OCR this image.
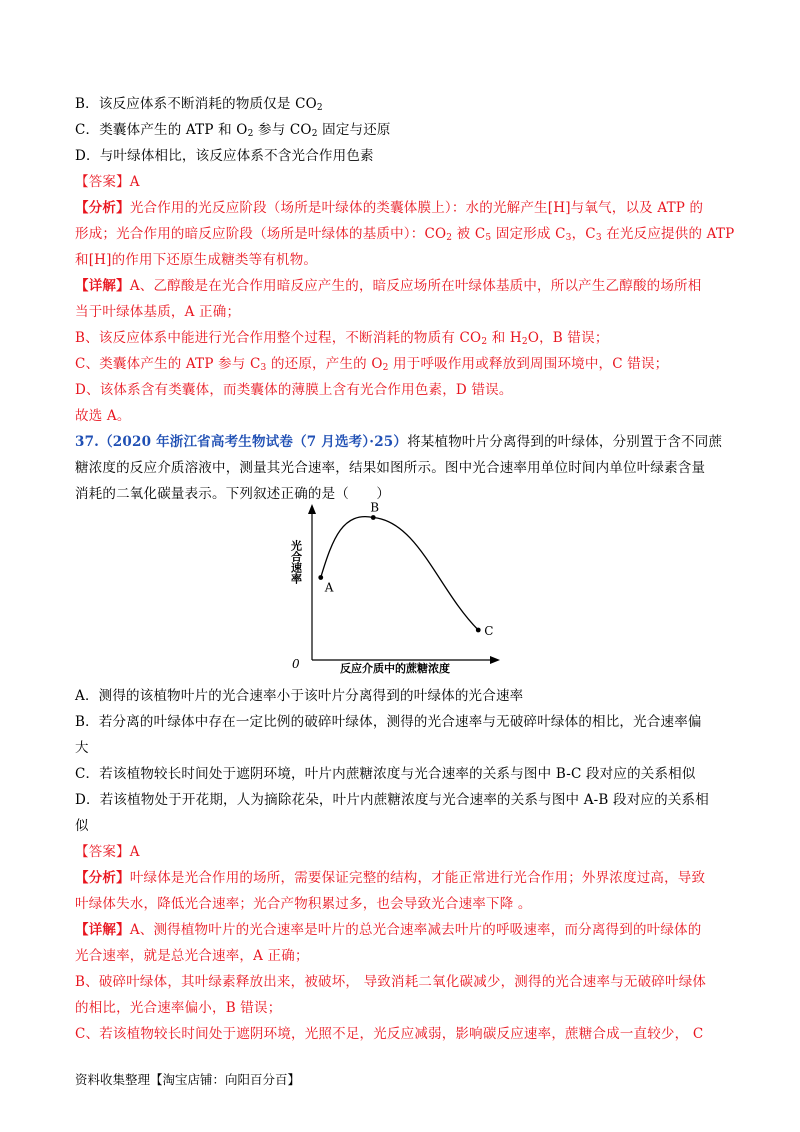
B．该反应体系不断消耗的物质仅是 $CO_2$
C．类囊体产生的 ATP 和 $O_2$ 参与 $CO_2$ 固定与还原
D．与叶绿体相比，该反应体系不含光合作用色素
【答案】A
【分析】光合作用的光反应阶段（场所是叶绿体的类囊体膜上）：水的光解产生[H]与氧气，以及 ATP 的
形成；光合作用的暗反应阶段（场所是叶绿体的基质中）：$CO_2$ 被 $C_5$ 固定形成 $C_3$，$C_3$ 在光反应提供的 ATP
和[H]的作用下还原生成糖类等有机物。
【详解】A、乙醇酸是在光合作用暗反应产生的，暗反应场所在叶绿体基质中，所以产生乙醇酸的场所相
当于叶绿体基质，A 正确；
B、该反应体系中能进行光合作用整个过程，不断消耗的物质有 $CO_2$ 和 $H_2O$，B 错误；
C、类囊体产生的 ATP 参与 $C_3$ 的还原，产生的 $O_2$ 用于呼吸作用或释放到周围环境中，C 错误；
D、该体系含有类囊体，而类囊体的薄膜上含有光合作用色素，D 错误。
故选 A。
37.（2020 年浙江省高考生物试卷（7 月选考）·25）将某植物叶片分离得到的叶绿体，分别置于含不同蔗
糖浓度的反应介质溶液中，测量其光合速率，结果如图所示。图中光合速率用单位时间内单位叶绿素含量
消耗的二氧化碳量表示。下列叙述正确的是（　　）
0
光合速率
反应介质中的蔗糖浓度
A
B
C
A．测得的该植物叶片的光合速率小于该叶片分离得到的叶绿体的光合速率
B．若分离的叶绿体中存在一定比例的破碎叶绿体，测得的光合速率与无破碎叶绿体的相比，光合速率偏
大
C．若该植物较长时间处于遮阴环境，叶片内蔗糖浓度与光合速率的关系与图中 B-C 段对应的关系相似
D．若该植物处于开花期，人为摘除花朵，叶片内蔗糖浓度与光合速率的关系与图中 A-B 段对应的关系相
似
【答案】A
【分析】叶绿体是光合作用的场所，需要保证完整的结构，才能正常进行光合作用；外界浓度过高，导致
叶绿体失水，降低光合速率；光合产物积累过多，也会导致光合速率下降 。
【详解】A、测得植物叶片的光合速率是叶片的总光合速率减去叶片的呼吸速率，而分离得到的叶绿体的
光合速率，就是总光合速率，A 正确；
B、破碎叶绿体，其叶绿素释放出来，被破坏， 导致消耗二氧化碳减少，测得的光合速率与无破碎叶绿体
的相比，光合速率偏小，B 错误；
C、若该植物较长时间处于遮阴环境，光照不足，光反应减弱，影响碳反应速率，蔗糖合成一直较少， C
资料收集整理【淘宝店铺：向阳百分百】
